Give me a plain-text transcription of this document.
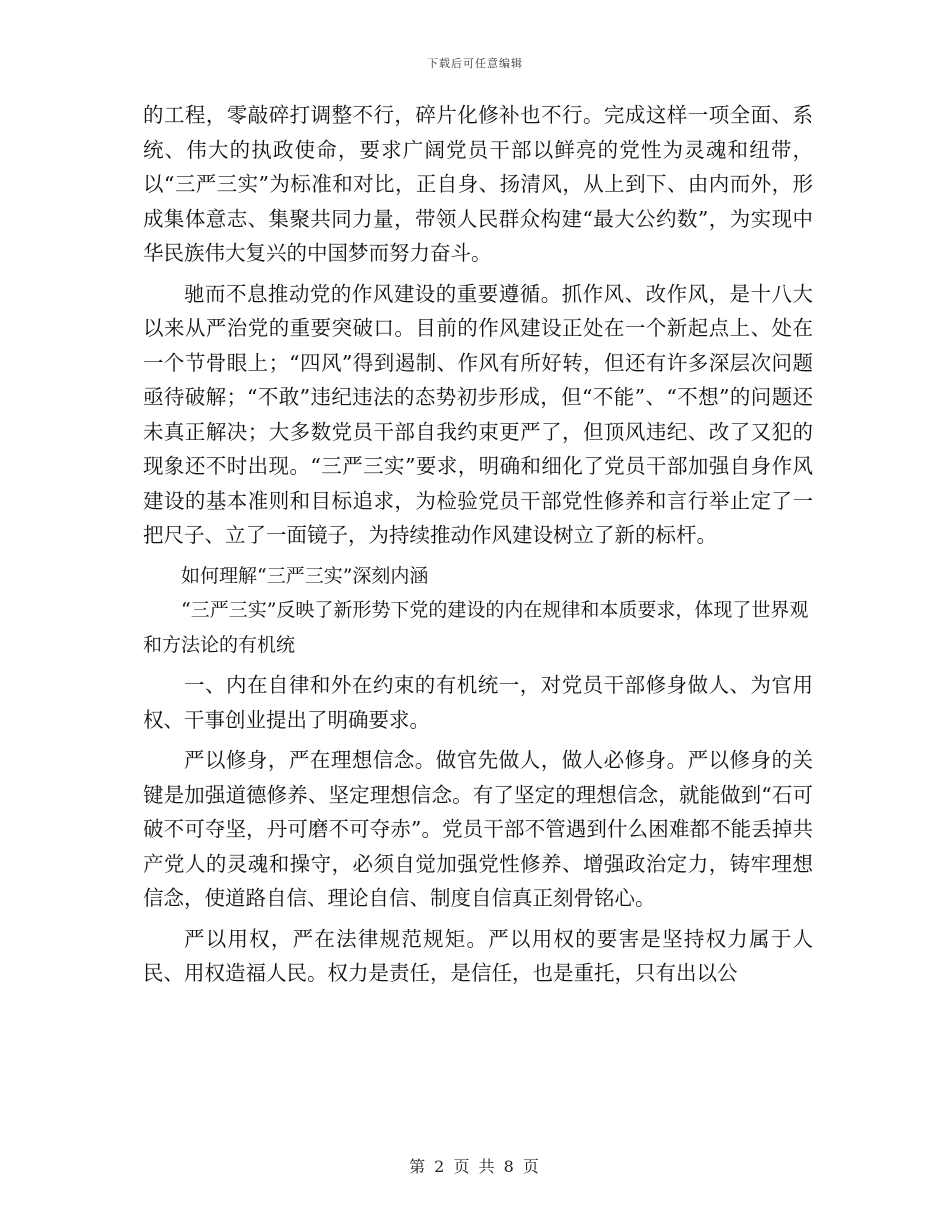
下载后可任意编辑

的工程，零敲碎打调整不行，碎片化修补也不行。完成这样一项全面、系统、伟大的执政使命，要求广阔党员干部以鲜亮的党性为灵魂和纽带，以“三严三实”为标准和对比，正自身、扬清风，从上到下、由内而外，形成集体意志、集聚共同力量，带领人民群众构建“最大公约数”，为实现中华民族伟大复兴的中国梦而努力奋斗。

驰而不息推动党的作风建设的重要遵循。抓作风、改作风，是十八大以来从严治党的重要突破口。目前的作风建设正处在一个新起点上、处在一个节骨眼上；“四风”得到遏制、作风有所好转，但还有许多深层次问题亟待破解；“不敢”违纪违法的态势初步形成，但“不能”、“不想”的问题还未真正解决；大多数党员干部自我约束更严了，但顶风违纪、改了又犯的现象还不时出现。“三严三实”要求，明确和细化了党员干部加强自身作风建设的基本准则和目标追求，为检验党员干部党性修养和言行举止定了一把尺子、立了一面镜子，为持续推动作风建设树立了新的标杆。

如何理解“三严三实”深刻内涵

“三严三实”反映了新形势下党的建设的内在规律和本质要求，体现了世界观和方法论的有机统

一、内在自律和外在约束的有机统一，对党员干部修身做人、为官用权、干事创业提出了明确要求。

严以修身，严在理想信念。做官先做人，做人必修身。严以修身的关键是加强道德修养、坚定理想信念。有了坚定的理想信念，就能做到“石可破不可夺坚，丹可磨不可夺赤”。党员干部不管遇到什么困难都不能丢掉共产党人的灵魂和操守，必须自觉加强党性修养、增强政治定力，铸牢理想信念，使道路自信、理论自信、制度自信真正刻骨铭心。

严以用权，严在法律规范规矩。严以用权的要害是坚持权力属于人民、用权造福人民。权力是责任，是信任，也是重托，只有出以公

第 2 页 共 8 页
